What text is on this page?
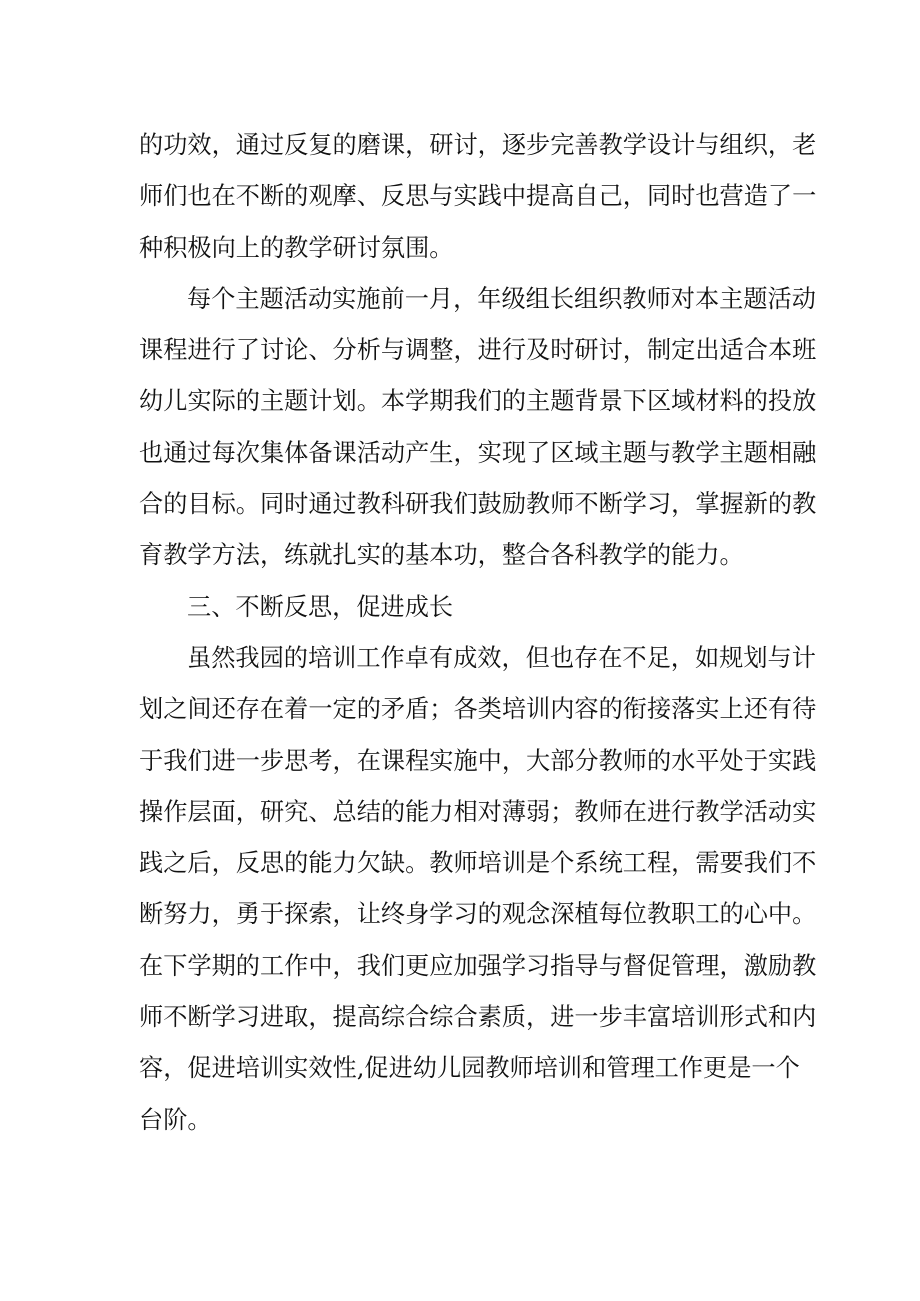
的功效，通过反复的磨课，研讨，逐步完善教学设计与组织，老
师们也在不断的观摩、反思与实践中提高自己，同时也营造了一
种积极向上的教学研讨氛围。
每个主题活动实施前一月，年级组长组织教师对本主题活动
课程进行了讨论、分析与调整，进行及时研讨，制定出适合本班
幼儿实际的主题计划。本学期我们的主题背景下区域材料的投放
也通过每次集体备课活动产生，实现了区域主题与教学主题相融
合的目标。同时通过教科研我们鼓励教师不断学习，掌握新的教
育教学方法，练就扎实的基本功，整合各科教学的能力。
三、不断反思，促进成长
虽然我园的培训工作卓有成效，但也存在不足，如规划与计
划之间还存在着一定的矛盾；各类培训内容的衔接落实上还有待
于我们进一步思考，在课程实施中，大部分教师的水平处于实践
操作层面，研究、总结的能力相对薄弱；教师在进行教学活动实
践之后，反思的能力欠缺。教师培训是个系统工程，需要我们不
断努力，勇于探索，让终身学习的观念深植每位教职工的心中。
在下学期的工作中，我们更应加强学习指导与督促管理，激励教
师不断学习进取，提高综合综合素质，进一步丰富培训形式和内
容，促进培训实效性,促进幼儿园教师培训和管理工作更是一个
台阶。
